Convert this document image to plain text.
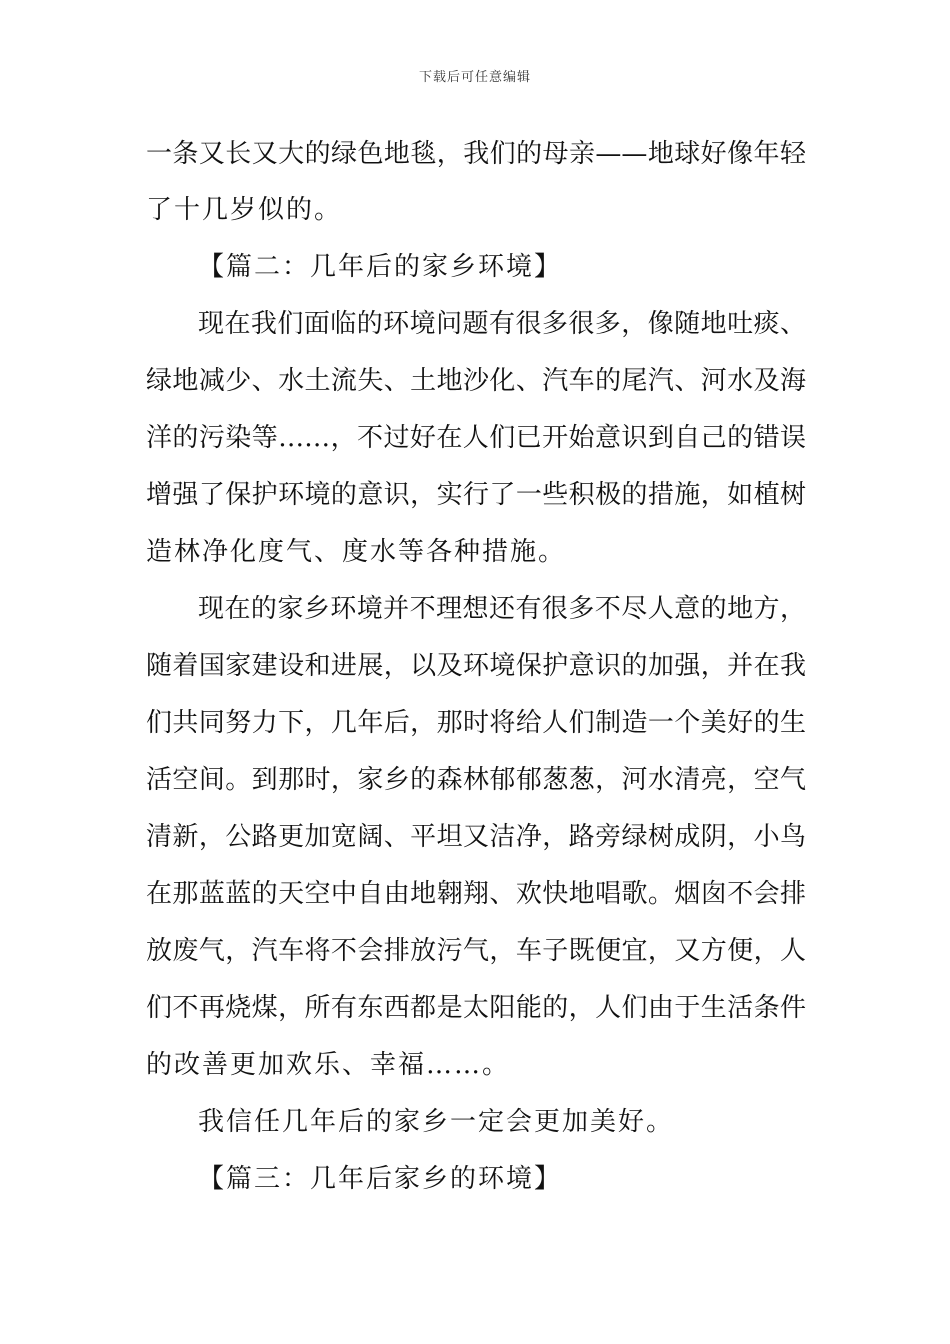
下载后可任意编辑
一条又长又大的绿色地毯，我们的母亲——地球好像年轻
了十几岁似的。
【篇二：几年后的家乡环境】
现在我们面临的环境问题有很多很多，像随地吐痰、
绿地减少、水土流失、土地沙化、汽车的尾汽、河水及海
洋的污染等……，不过好在人们已开始意识到自己的错误
增强了保护环境的意识，实行了一些积极的措施，如植树
造林净化度气、度水等各种措施。
现在的家乡环境并不理想还有很多不尽人意的地方，
随着国家建设和进展，以及环境保护意识的加强，并在我
们共同努力下，几年后，那时将给人们制造一个美好的生
活空间。到那时，家乡的森林郁郁葱葱，河水清亮，空气
清新，公路更加宽阔、平坦又洁净，路旁绿树成阴，小鸟
在那蓝蓝的天空中自由地翱翔、欢快地唱歌。烟囱不会排
放废气，汽车将不会排放污气，车子既便宜，又方便，人
们不再烧煤，所有东西都是太阳能的，人们由于生活条件
的改善更加欢乐、幸福……。
我信任几年后的家乡一定会更加美好。
【篇三：几年后家乡的环境】
